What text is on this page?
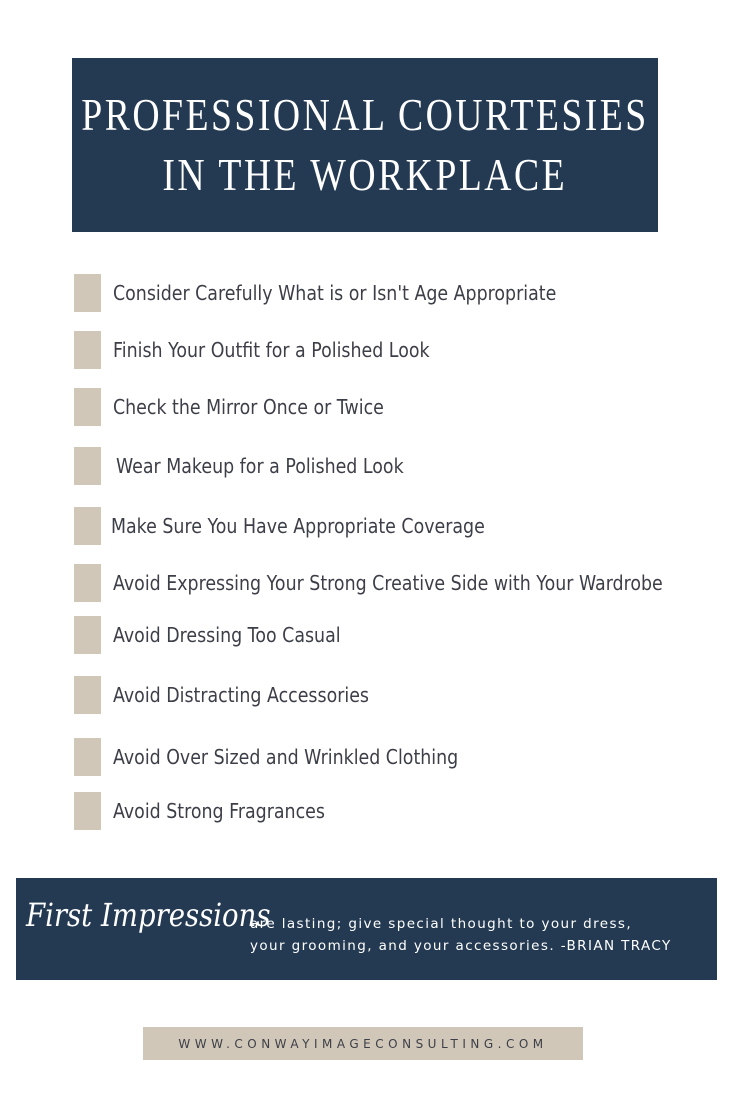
PROFESSIONAL COURTESIES
IN THE WORKPLACE
Consider Carefully What is or Isn't Age Appropriate
Finish Your Outfit for a Polished Look
Check the Mirror Once or Twice
Wear Makeup for a Polished Look
Make Sure You Have Appropriate Coverage
Avoid Expressing Your Strong Creative Side with Your Wardrobe
Avoid Dressing Too Casual
Avoid Distracting Accessories
Avoid Over Sized and Wrinkled Clothing
Avoid Strong Fragrances
First Impressions
are lasting; give special thought to your dress,
your grooming, and your accessories. -BRIAN TRACY
WWW.CONWAYIMAGECONSULTING.COM
